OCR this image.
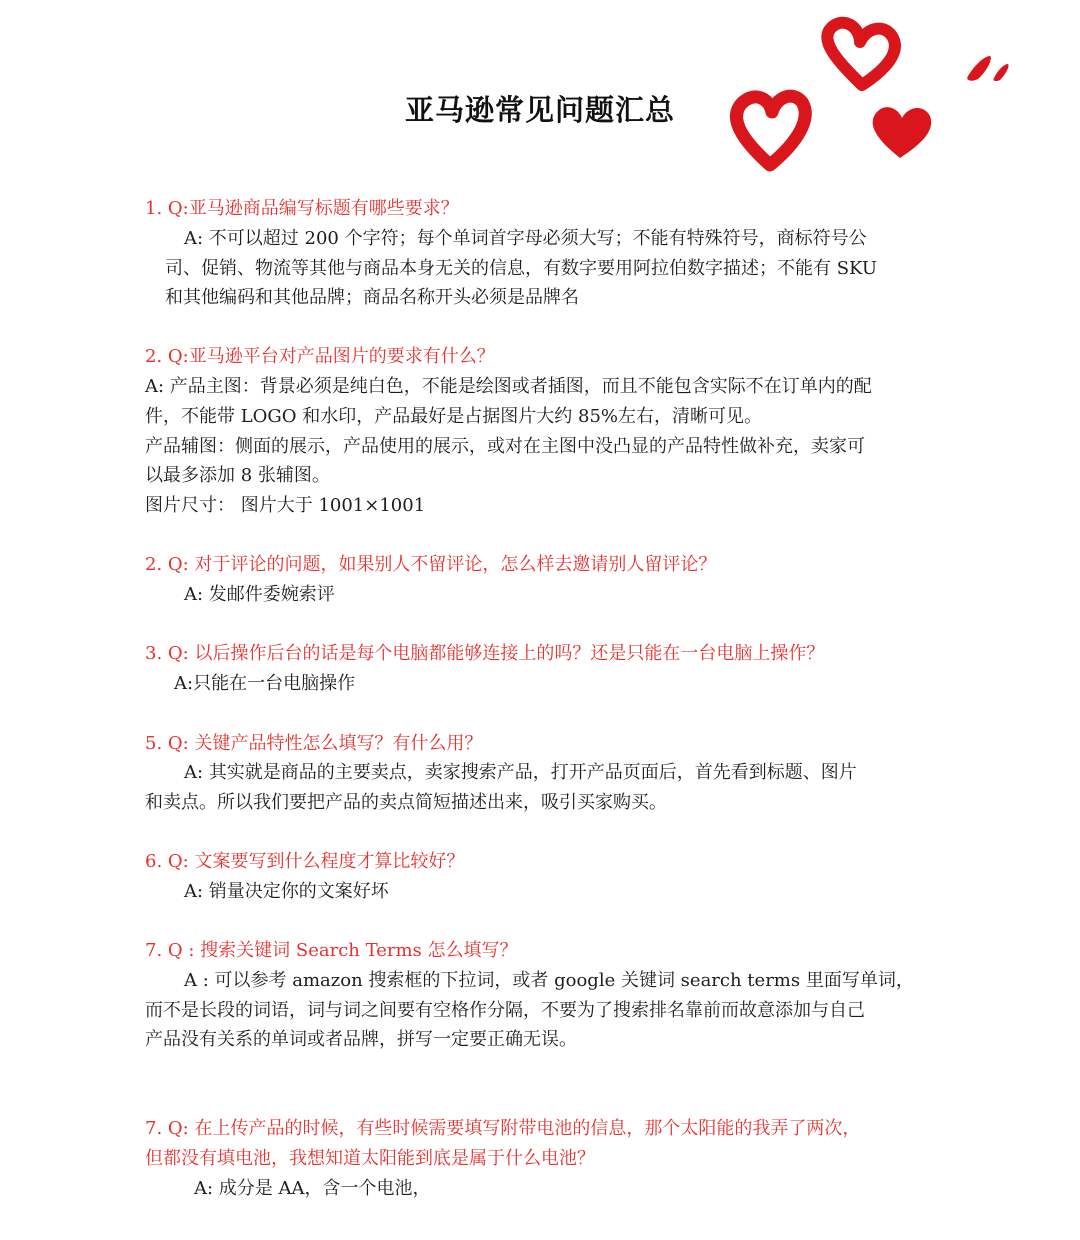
亚马逊常见问题汇总
1. Q:亚马逊商品编写标题有哪些要求？
A: 不可以超过 200 个字符；每个单词首字母必须大写；不能有特殊符号，商标符号公
司、促销、物流等其他与商品本身无关的信息，有数字要用阿拉伯数字描述；不能有 SKU
和其他编码和其他品牌；商品名称开头必须是品牌名
2. Q:亚马逊平台对产品图片的要求有什么？
A: 产品主图：背景必须是纯白色，不能是绘图或者插图，而且不能包含实际不在订单内的配
件，不能带 LOGO 和水印，产品最好是占据图片大约 85%左右，清晰可见。
产品辅图：侧面的展示，产品使用的展示，或对在主图中没凸显的产品特性做补充，卖家可
以最多添加 8 张辅图。
图片尺寸： 图片大于 1001×1001
2. Q: 对于评论的问题，如果别人不留评论，怎么样去邀请别人留评论？
A: 发邮件委婉索评
3. Q: 以后操作后台的话是每个电脑都能够连接上的吗？还是只能在一台电脑上操作？
A:只能在一台电脑操作
5. Q: 关键产品特性怎么填写？有什么用？
A: 其实就是商品的主要卖点，卖家搜索产品，打开产品页面后，首先看到标题、图片
和卖点。所以我们要把产品的卖点简短描述出来，吸引买家购买。
6. Q: 文案要写到什么程度才算比较好？
A: 销量决定你的文案好坏
7. Q : 搜索关键词 Search Terms 怎么填写？
A : 可以参考 amazon 搜索框的下拉词，或者 google 关键词 search terms 里面写单词，
而不是长段的词语，词与词之间要有空格作分隔，不要为了搜索排名靠前而故意添加与自己
产品没有关系的单词或者品牌，拼写一定要正确无误。
7. Q: 在上传产品的时候，有些时候需要填写附带电池的信息，那个太阳能的我弄了两次，
但都没有填电池，我想知道太阳能到底是属于什么电池？
A: 成分是 AA，含一个电池，
